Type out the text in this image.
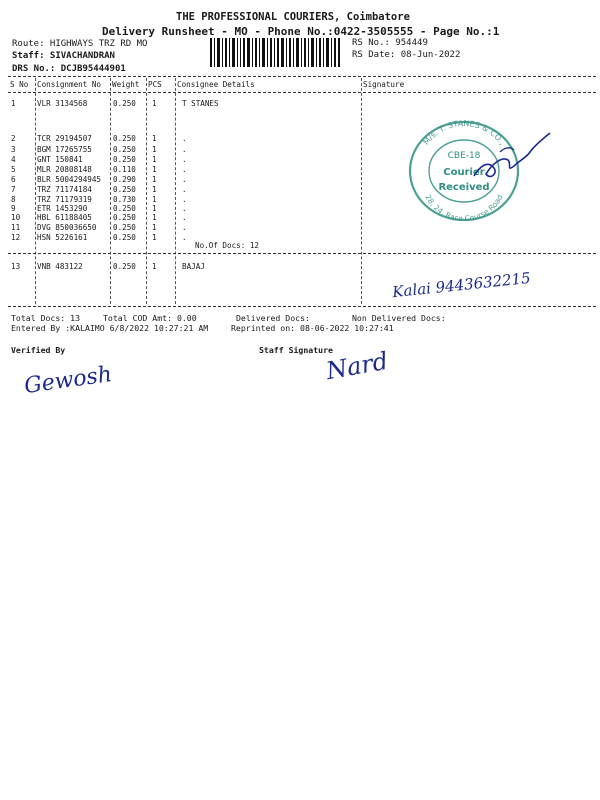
THE PROFESSIONAL COURIERS, Coimbatore
Delivery Runsheet - MO - Phone No.:0422-3505555 - Page No.:1
Route: HIGHWAYS TRZ RD MO
Staff: SIVACHANDRAN
DRS No.: DCJB95444901
RS No.: 954449
RS Date: 08-Jun-2022
S No Consignment No Weight PCS Consignee Details	Signature
1	VLR 3134568	0.250 1	T STANES
2	TCR 29194507	0.250 1	.
3	BGM 17265755	0.250 1	.
4	GNT 150841	0.250 1	.
5	MLR 20808148	0.110 1	.
6	BLR 5004294945 0.290 1	.
7	TRZ 71174184	0.250 1	.
8	TRZ 71179319	0.730 1	.
9	ETR 1453290	0.250 1	.
10 HBL 61188405	0.250 1	.
11 DVG 850036650 0.250 1	.
12 HSN 5226161	0.250 1	.
No.Of Docs: 12
13 VNB 483122	0.250 1	BAJAJ
M/s. T. STANES & CO.,
28, 24, Race Course Road
CBE-18
Courier
Received
Kalai 9443632215
Total Docs: 13	Total COD Amt: 0.00	Delivered Docs:	Non Delivered Docs:
Entered By :KALAIMO 6/8/2022 10:27:21 AM	Reprinted on: 08-06-2022 10:27:41
Verified By	Staff Signature
Gewosh	Nard
